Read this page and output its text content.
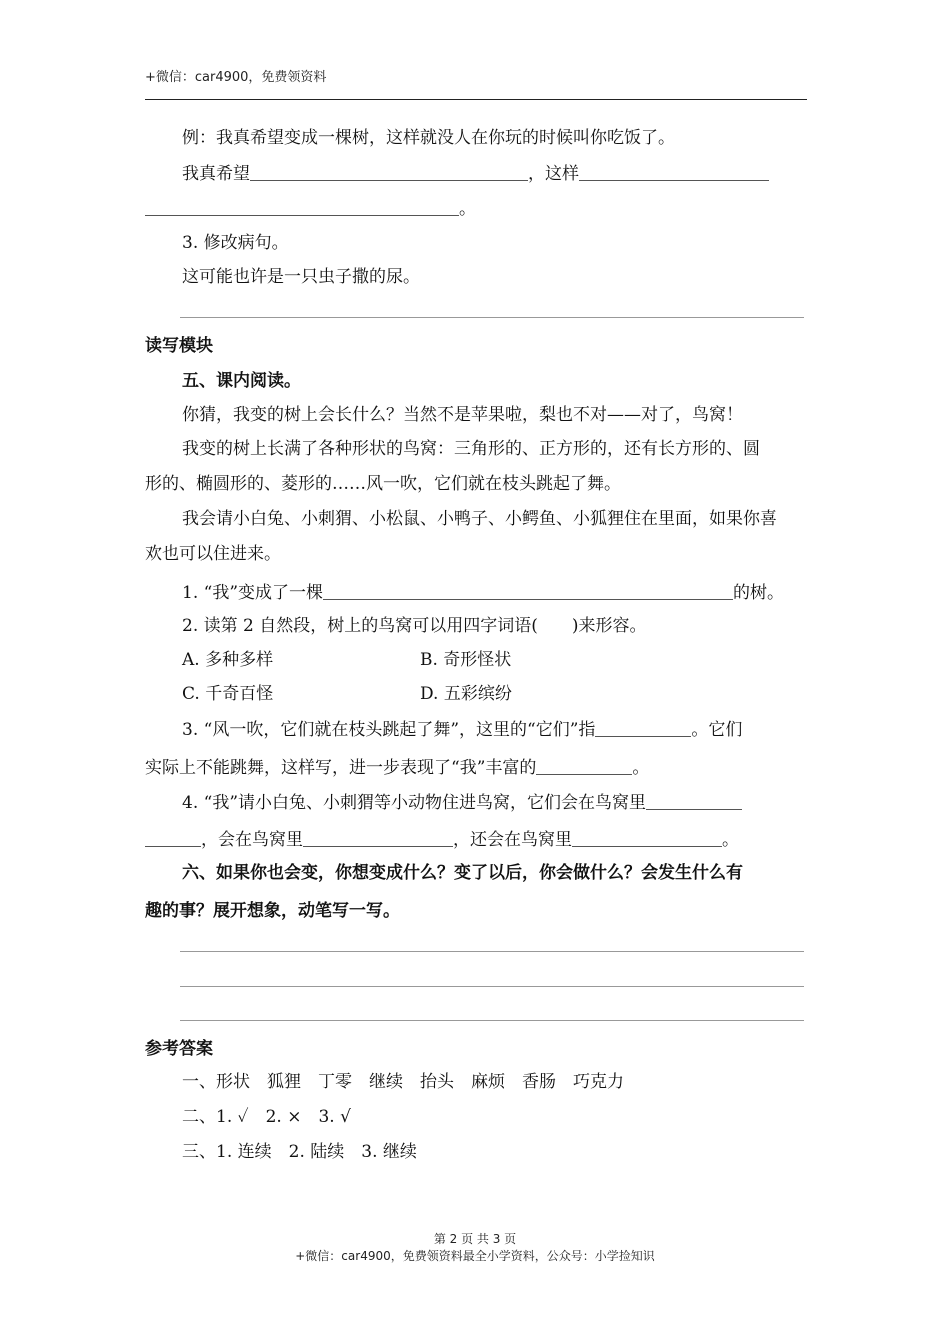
+微信：car4900，免费领资料
例：我真希望变成一棵树，这样就没人在你玩的时候叫你吃饭了。
我真希望	，这样
。
3. 修改病句。
这可能也许是一只虫子撒的尿。
读写模块
五、课内阅读。
你猜，我变的树上会长什么？当然不是苹果啦，梨也不对——对了，鸟窝！
我变的树上长满了各种形状的鸟窝：三角形的、正方形的，还有长方形的、圆
形的、椭圆形的、菱形的……风一吹，它们就在枝头跳起了舞。
我会请小白兔、小刺猬、小松鼠、小鸭子、小鳄鱼、小狐狸住在里面，如果你喜
欢也可以住进来。
1. “我”变成了一棵	的树。
2. 读第 2 自然段，树上的鸟窝可以用四字词语(　　)来形容。
A. 多种多样	B. 奇形怪状
C. 千奇百怪	D. 五彩缤纷
3. “风一吹，它们就在枝头跳起了舞”，这里的“它们”指	。它们
实际上不能跳舞，这样写，进一步表现了“我”丰富的	。
4. “我”请小白兔、小刺猬等小动物住进鸟窝，它们会在鸟窝里
，会在鸟窝里	，还会在鸟窝里	。
六、如果你也会变，你想变成什么？变了以后，你会做什么？会发生什么有
趣的事？展开想象，动笔写一写。
参考答案
一、形状　狐狸　丁零　继续　抬头　麻烦　香肠　巧克力
二、1. ✓　2. ×　3. √
三、1. 连续　2. 陆续　3. 继续
第 2 页 共 3 页
+微信：car4900，免费领资料最全小学资料，公众号：小学捡知识
